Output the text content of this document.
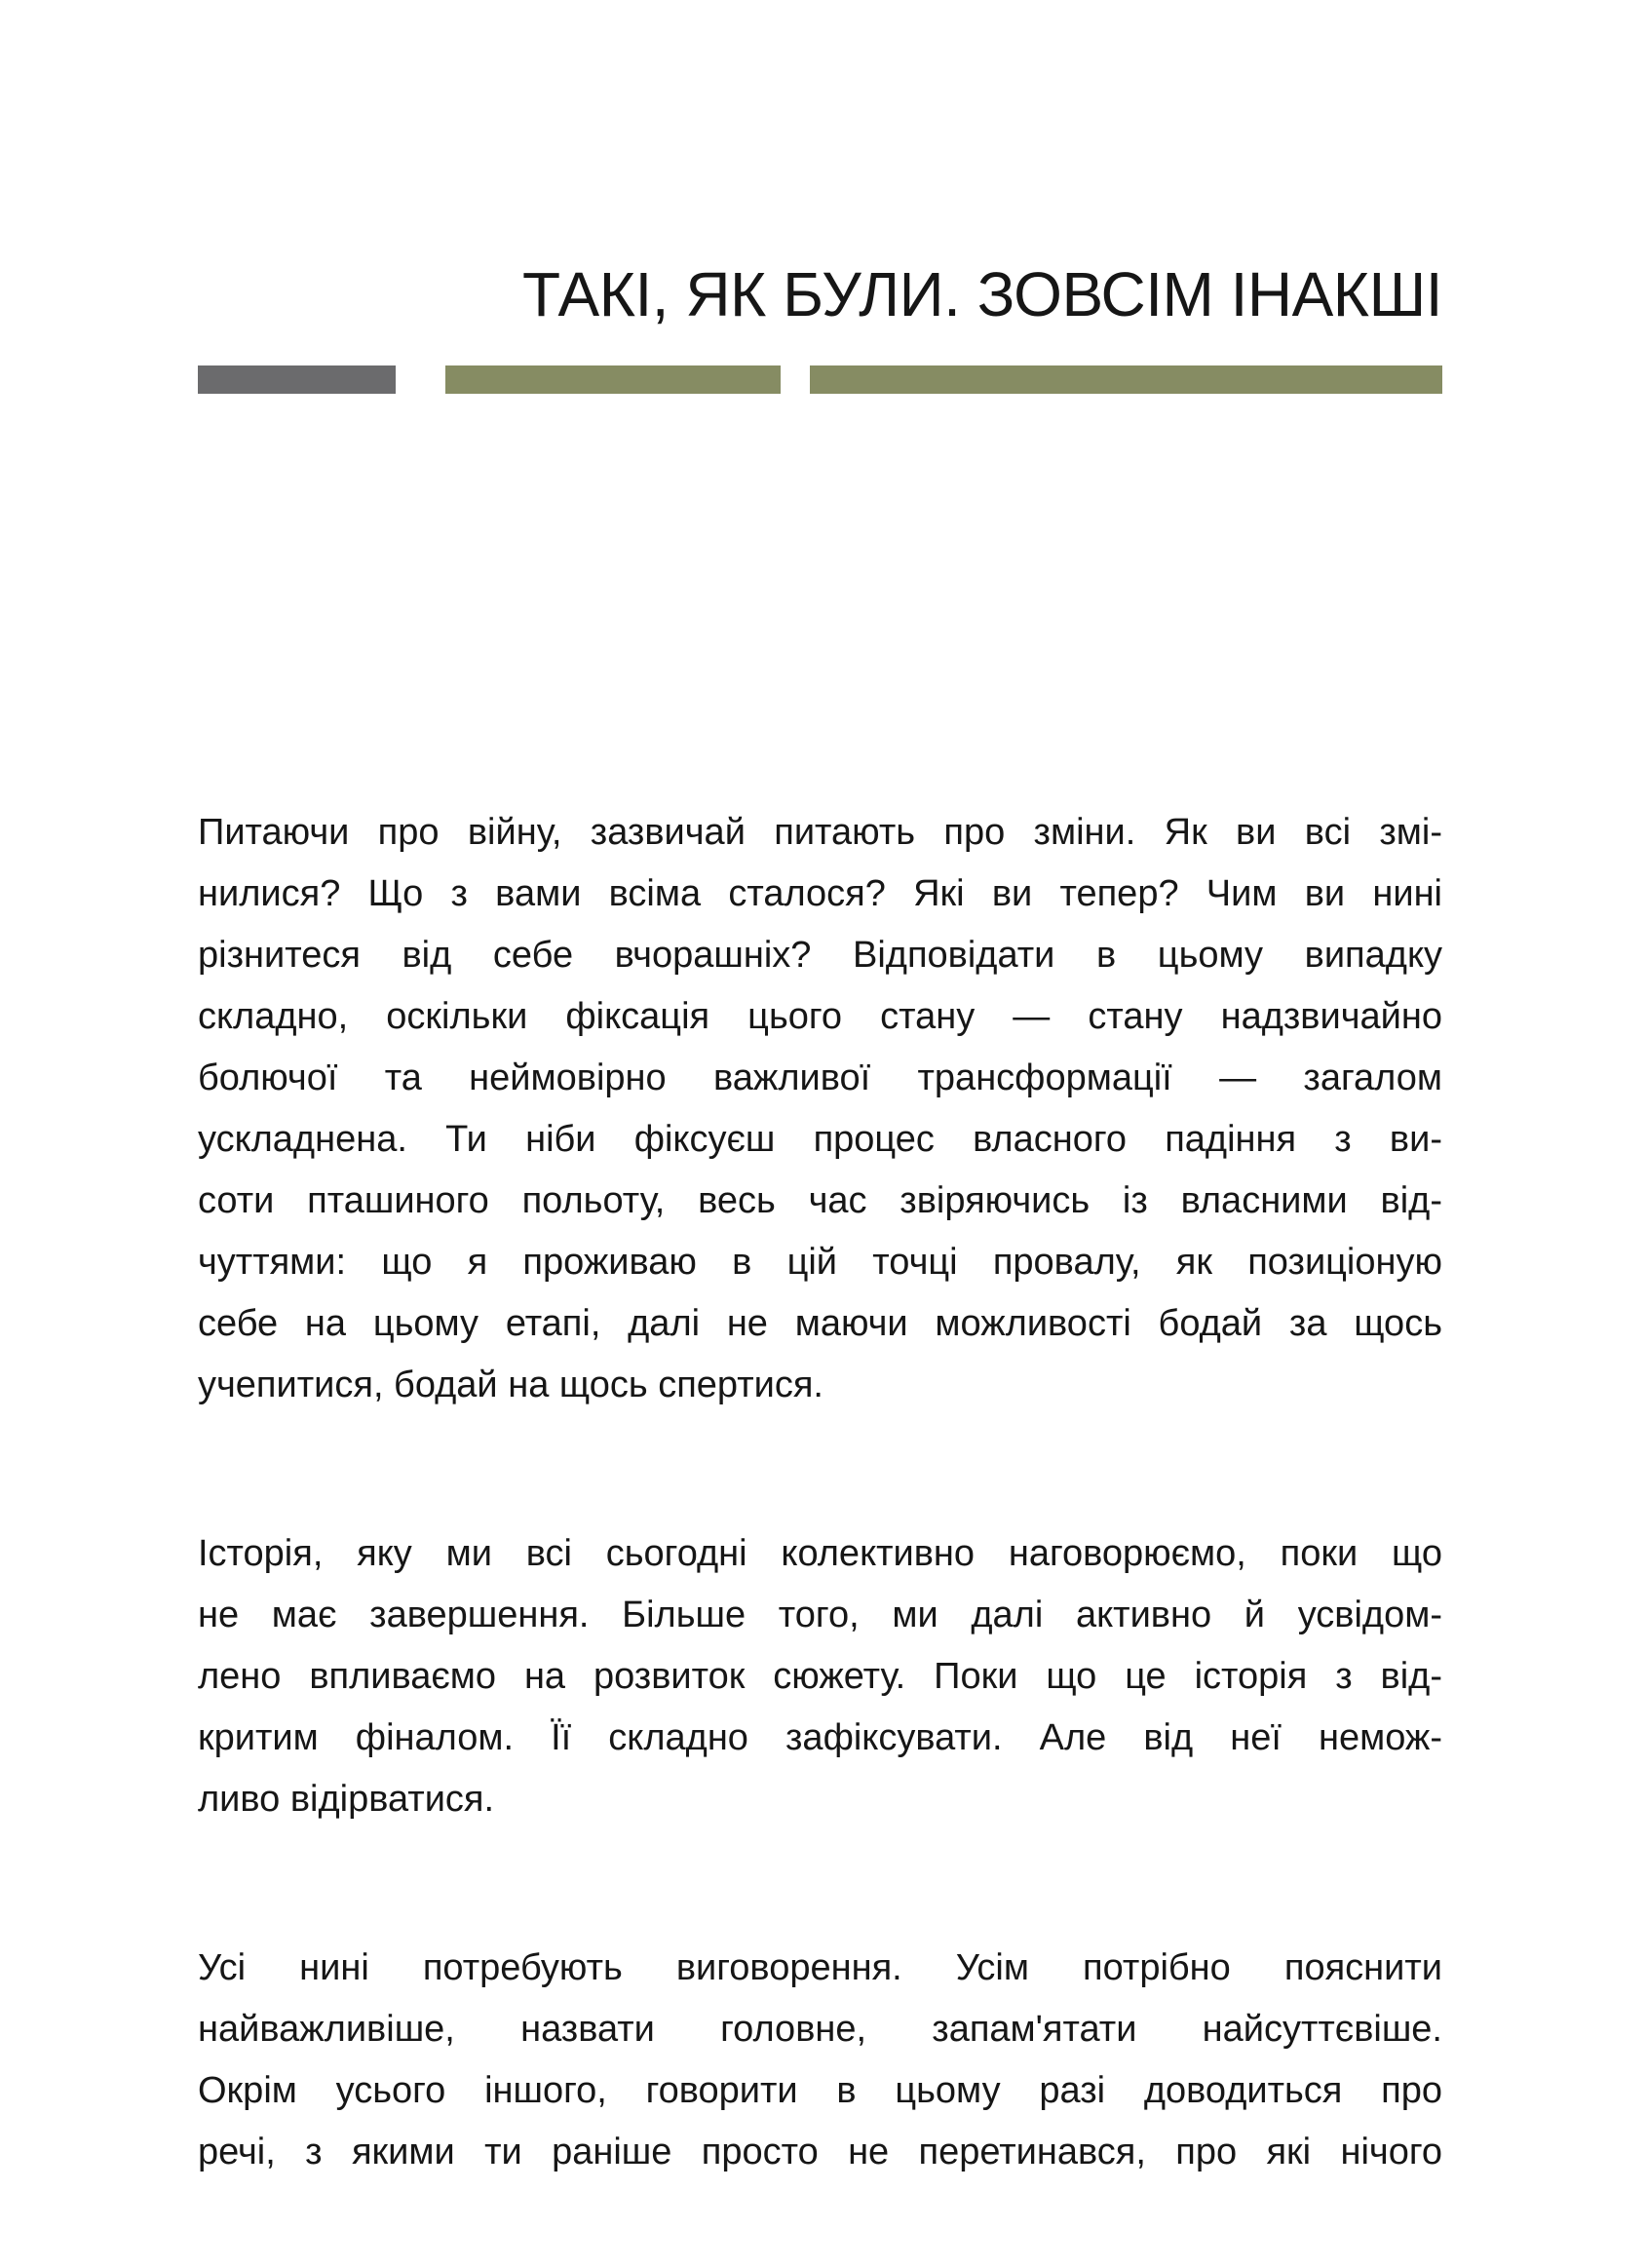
ТАКІ, ЯК БУЛИ. ЗОВСІМ ІНАКШІ

Питаючи про війну, зазвичай питають про зміни. Як ви всі змі-
нилися? Що з вами всіма сталося? Які ви тепер? Чим ви нині
різнитеся від себе вчорашніх? Відповідати в цьому випадку
складно, оскільки фіксація цього стану — стану надзвичайно
болючої та неймовірно важливої трансформації — загалом
ускладнена. Ти ніби фіксуєш процес власного падіння з ви-
соти пташиного польоту, весь час звіряючись із власними від-
чуттями: що я проживаю в цій точці провалу, як позиціоную
себе на цьому етапі, далі не маючи можливості бодай за щось
учепитися, бодай на щось спертися.

Історія, яку ми всі сьогодні колективно наговорюємо, поки що
не має завершення. Більше того, ми далі активно й усвідом-
лено впливаємо на розвиток сюжету. Поки що це історія з від-
критим фіналом. Її складно зафіксувати. Але від неї немож-
ливо відірватися.

Усі нині потребують виговорення. Усім потрібно пояснити
найважливіше, назвати головне, запам'ятати найсуттєвіше.
Окрім усього іншого, говорити в цьому разі доводиться про
речі, з якими ти раніше просто не перетинався, про які нічого
